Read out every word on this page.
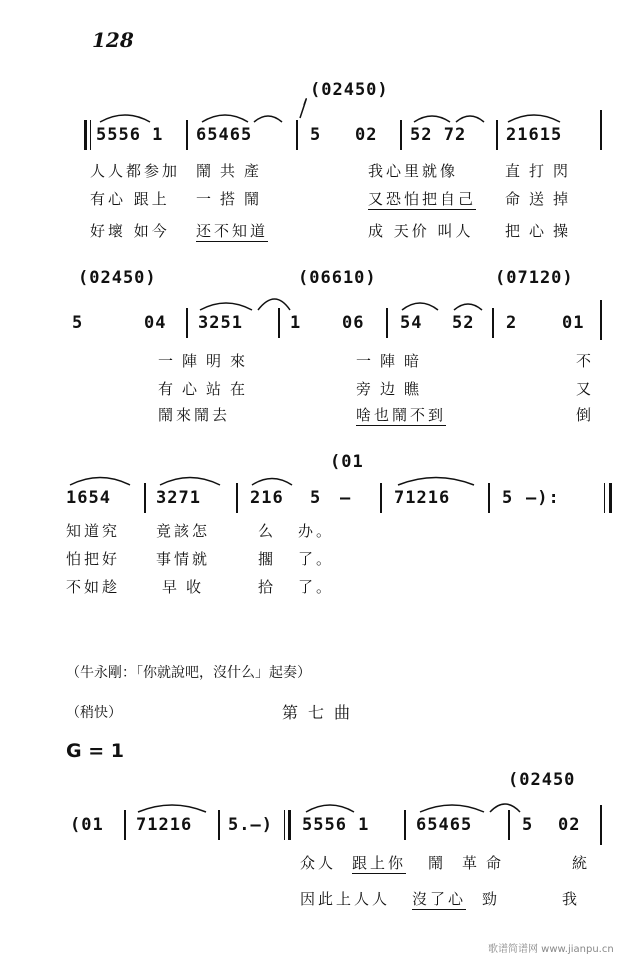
128
(02450)
5556 1 65465	5 02 52 72 21615
人人都参加 鬧共產	我心里就像	直打閃
有心 跟上 一搭鬧	又恐怕把自己 命送掉
好壞 如今 还不知道	成 天价 叫人 把心操
(02450)	(06610)	(07120)
5	04 3251	1 06 54 52 2	01
一陣明來	一陣暗	不
有心站在	旁边瞧	又
鬧來鬧去	啥也鬧不到	倒
(01
1654	3271	216 5 —	71216	5 —):
知道究 竟該怎	么 办。
怕把好 事情就	擱 了。
不如趁	早收	拾 了。
（牛永剛：「你就說吧，沒什么」起奏）
（稍快）	第七曲
G = 1
(02450
(01 71216 5.—) 5556 1	65465	5 02
众人 跟上你 鬧 革命	統
因此上人人 沒了心 勁	我
歌谱简谱网 www.jianpu.cn
